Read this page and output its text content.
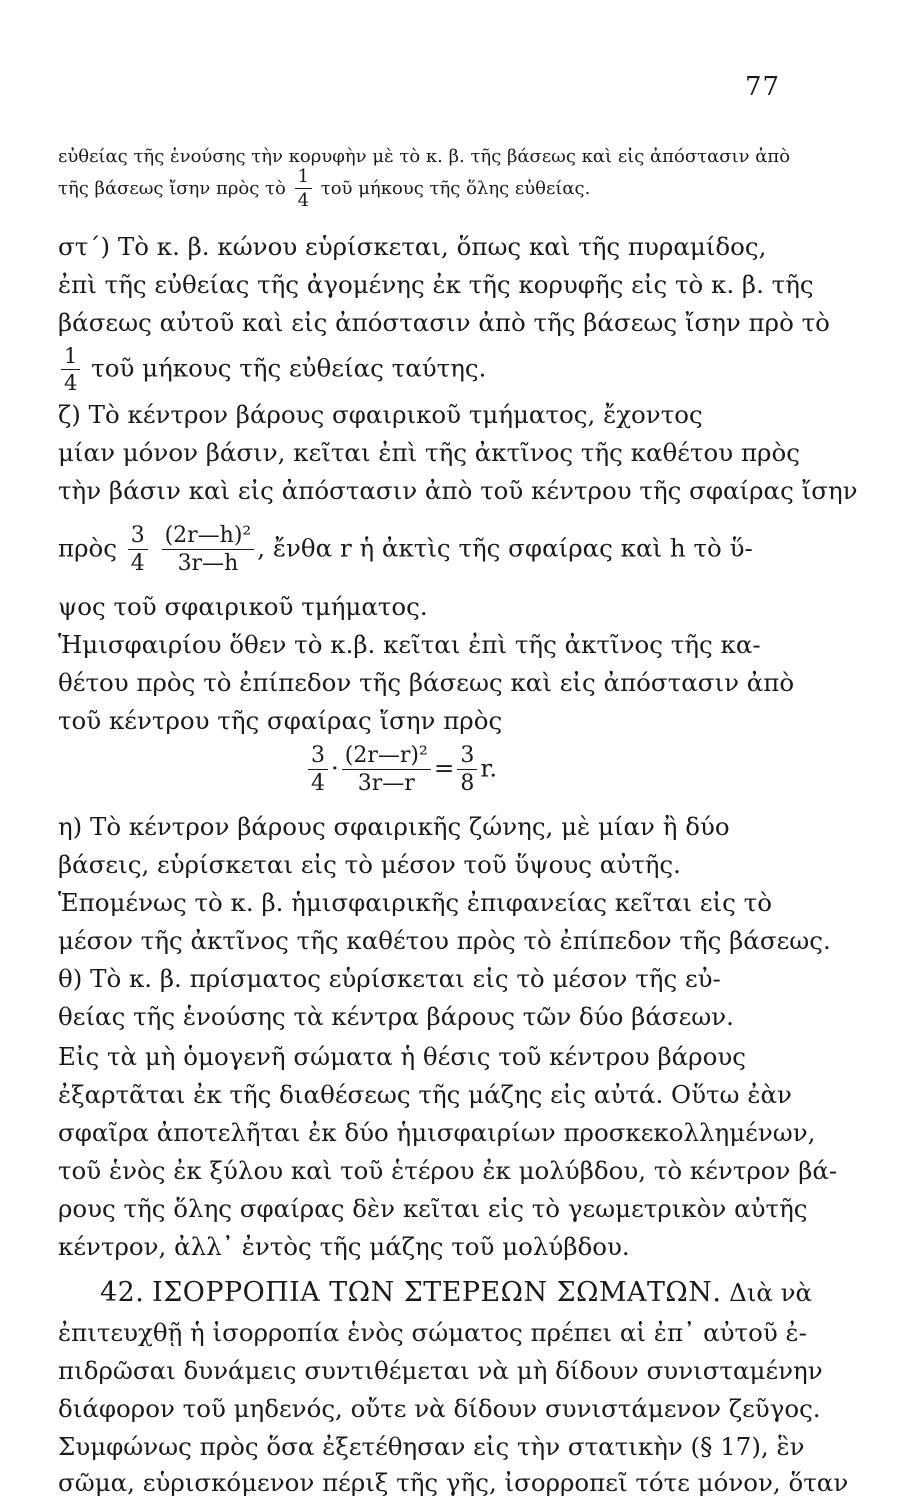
77
εὐθείας τῆς ἑνούσης τὴν κορυφὴν μὲ τὸ κ. β. τῆς βάσεως καὶ εἰς ἀπόστασιν ἀπὸ
τῆς βάσεως ἴσην πρὸς τὸ $\frac{1}{4}$ τοῦ μήκους τῆς ὅλης εὐθείας.
στ΄) Τὸ κ. β. κώνου εὑρίσκεται, ὅπως καὶ τῆς πυραμίδος,
ἐπὶ τῆς εὐθείας τῆς ἀγομένης ἐκ τῆς κορυφῆς εἰς τὸ κ. β. τῆς
βάσεως αὐτοῦ καὶ εἰς ἀπόστασιν ἀπὸ τῆς βάσεως ἴσην πρὸ τὸ
$\frac{1}{4}$ τοῦ μήκους τῆς εὐθείας ταύτης.
ζ) Τὸ κέντρον βάρους σφαιρικοῦ τμήματος, ἔχοντος
μίαν μόνον βάσιν, κεῖται ἐπὶ τῆς ἀκτῖνος τῆς καθέτου πρὸς
τὴν βάσιν καὶ εἰς ἀπόστασιν ἀπὸ τοῦ κέντρου τῆς σφαίρας ἴσην
πρὸς $\frac{3}{4}$
$\frac{\text{(2r—h)²}}{3r—h}$ , ἔνθα r ἡ ἀκτὶς τῆς σφαίρας καὶ h τὸ ὕ-
ψος τοῦ σφαιρικοῦ τμήματος.
Ἡμισφαιρίου ὅθεν τὸ κ.β. κεῖται ἐπὶ τῆς ἀκτῖνος τῆς κα-
θέτου πρὸς τὸ ἐπίπεδον τῆς βάσεως καὶ εἰς ἀπόστασιν ἀπὸ
τοῦ κέντρου τῆς σφαίρας ἴσην πρὸς
$\frac{3}{4} \cdot \frac{\text{(2r—r)²}}{3r—r} = \frac{3}{8} r$.
η) Τὸ κέντρον βάρους σφαιρικῆς ζώνης, μὲ μίαν ἢ δύο
βάσεις, εὑρίσκεται εἰς τὸ μέσον τοῦ ὕψους αὐτῆς.
Ἑπομένως τὸ κ. β. ἡμισφαιρικῆς ἐπιφανείας κεῖται εἰς τὸ
μέσον τῆς ἀκτῖνος τῆς καθέτου πρὸς τὸ ἐπίπεδον τῆς βάσεως.
θ) Τὸ κ. β. πρίσματος εὑρίσκεται εἰς τὸ μέσον τῆς εὐ-
θείας τῆς ἑνούσης τὰ κέντρα βάρους τῶν δύο βάσεων.
Εἰς τὰ μὴ ὁμογενῆ σώματα ἡ θέσις τοῦ κέντρου βάρους
ἐξαρτᾶται ἐκ τῆς διαθέσεως τῆς μάζης εἰς αὐτά. Οὕτω ἐὰν
σφαῖρα ἀποτελῆται ἐκ δύο ἡμισφαιρίων προσκεκολλημένων,
τοῦ ἑνὸς ἐκ ξύλου καὶ τοῦ ἑτέρου ἐκ μολύβδου, τὸ κέντρον βά-
ρους τῆς ὅλης σφαίρας δὲν κεῖται εἰς τὸ γεωμετρικὸν αὐτῆς
κέντρον, ἀλλ᾽ ἐντὸς τῆς μάζης τοῦ μολύβδου.
42. ΙΣΟΡΡΟΠΙΑ ΤΩΝ ΣΤΕΡΕΩΝ ΣΩΜΑΤΩΝ. Διὰ νὰ
ἐπιτευχθῇ ἡ ἰσορροπία ἑνὸς σώματος πρέπει αἱ ἐπ᾽ αὐτοῦ ἐ-
πιδρῶσαι δυνάμεις συντιθέμεται νὰ μὴ δίδουν συνισταμένην
διάφορον τοῦ μηδενός, οὔτε νὰ δίδουν συνιστάμενον ζεῦγος.
Συμφώνως πρὸς ὅσα ἐξετέθησαν εἰς τὴν στατικὴν (§ 17), ἓν
σῶμα, εὑρισκόμενον πέριξ τῆς γῆς, ἰσορροπεῖ τότε μόνον, ὅταν
